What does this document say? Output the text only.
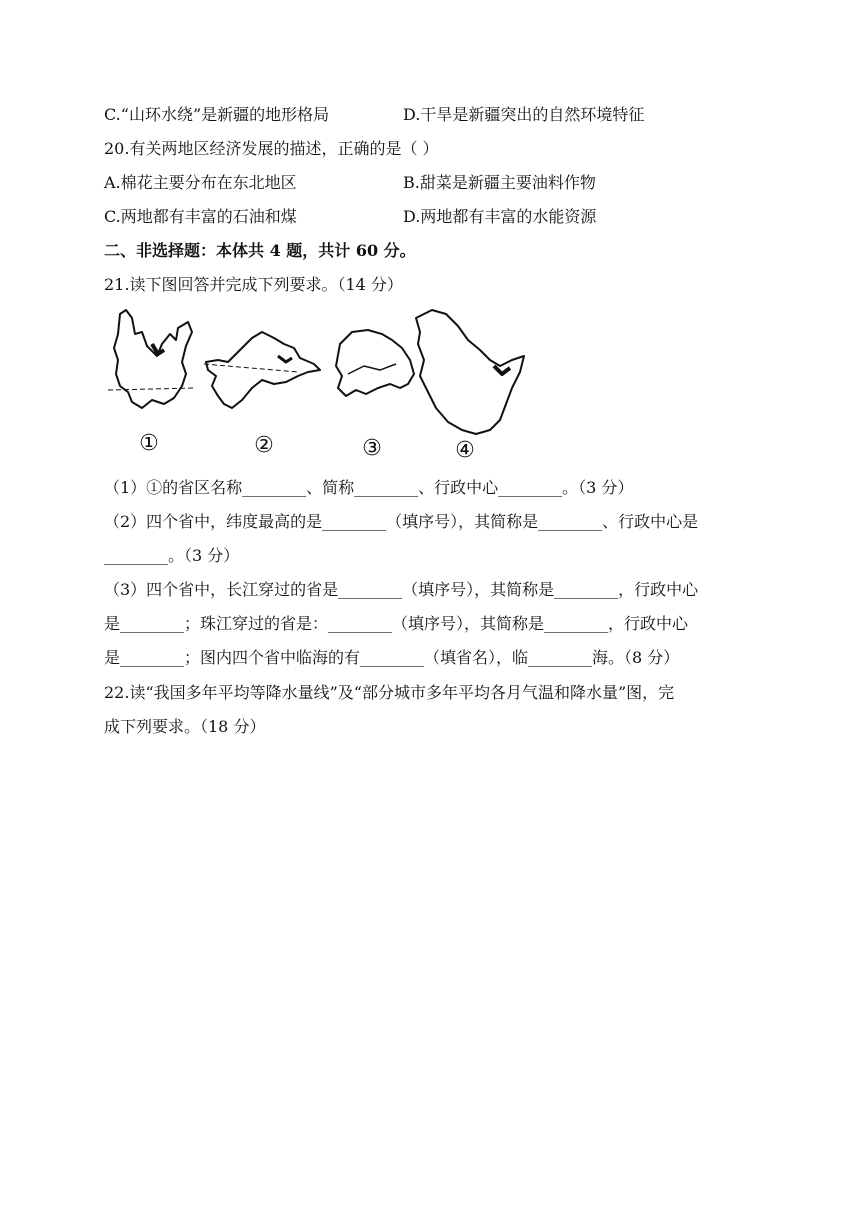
C.“山环水绕”是新疆的地形格局	D.干旱是新疆突出的自然环境特征
20.有关两地区经济发展的描述，正确的是（ ）
A.棉花主要分布在东北地区	B.甜菜是新疆主要油料作物
C.两地都有丰富的石油和煤	D.两地都有丰富的水能资源
二、非选择题：本体共 4 题，共计 60 分。
21.读下图回答并完成下列要求。（14 分）
①	②	③	④
（1）①的省区名称________、简称________、行政中心________。（3 分）
（2）四个省中，纬度最高的是________（填序号），其简称是________、行政中心是
________。（3 分）
（3）四个省中，长江穿过的省是________（填序号），其简称是________，行政中心
是________；珠江穿过的省是：________（填序号），其简称是________，行政中心
是________；图内四个省中临海的有________（填省名），临________海。（8 分）
22.读“我国多年平均等降水量线”及“部分城市多年平均各月气温和降水量”图，完
成下列要求。（18 分）
